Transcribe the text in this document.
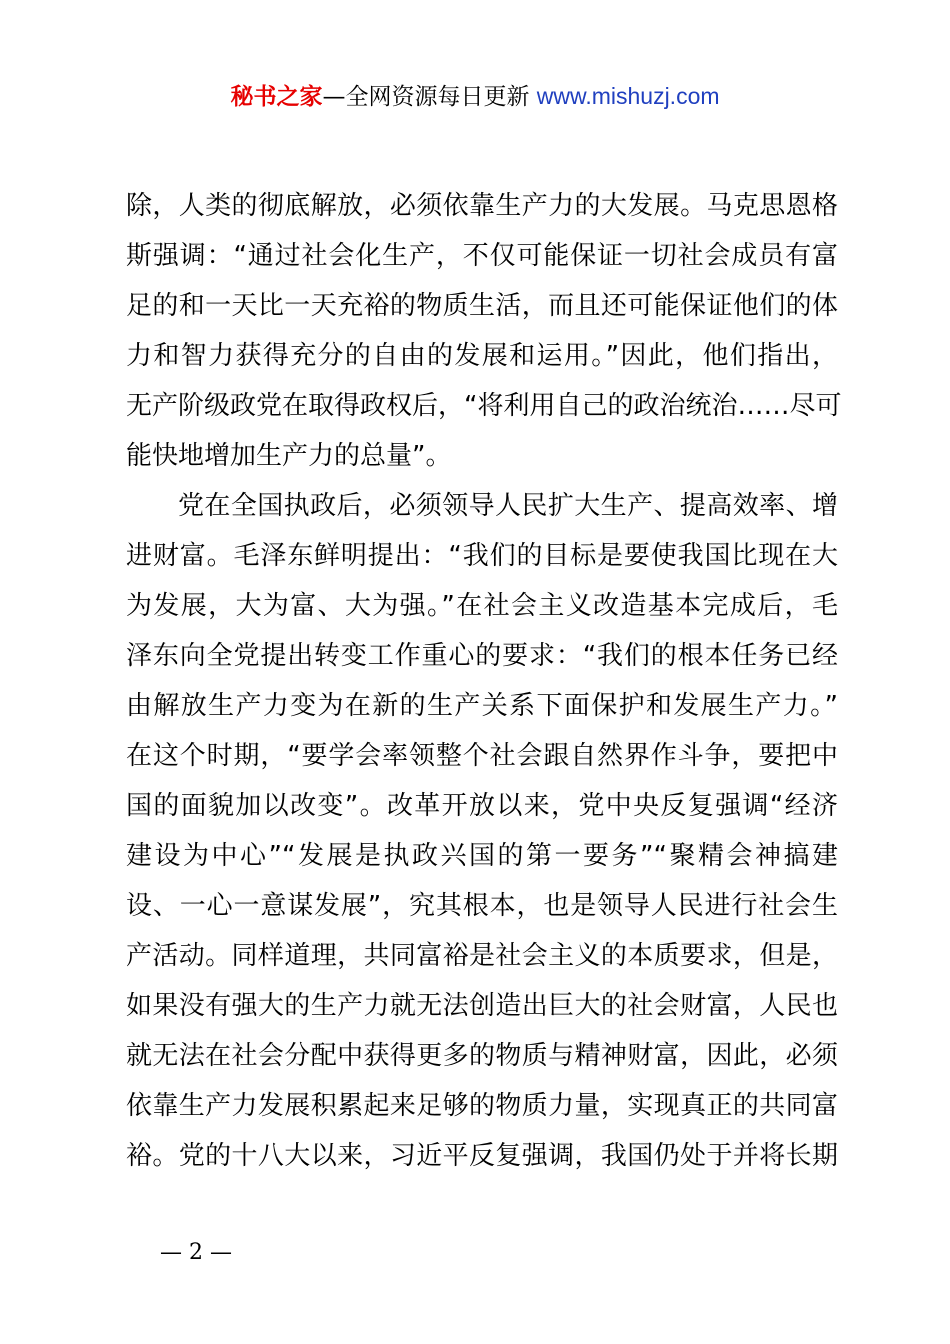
秘书之家—全网资源每日更新 www.mishuzj.com
除，人类的彻底解放，必须依靠生产力的大发展。马克思恩格
斯强调：“通过社会化生产，不仅可能保证一切社会成员有富
足的和一天比一天充裕的物质生活，而且还可能保证他们的体
力和智力获得充分的自由的发展和运用。”因此，他们指出，
无产阶级政党在取得政权后，“将利用自己的政治统治……尽可
能快地增加生产力的总量”。
党在全国执政后，必须领导人民扩大生产、提高效率、增
进财富。毛泽东鲜明提出：“我们的目标是要使我国比现在大
为发展，大为富、大为强。”在社会主义改造基本完成后，毛
泽东向全党提出转变工作重心的要求：“我们的根本任务已经
由解放生产力变为在新的生产关系下面保护和发展生产力。”
在这个时期，“要学会率领整个社会跟自然界作斗争，要把中
国的面貌加以改变”。改革开放以来，党中央反复强调“经济
建设为中心”“发展是执政兴国的第一要务”“聚精会神搞建
设、一心一意谋发展”，究其根本，也是领导人民进行社会生
产活动。同样道理，共同富裕是社会主义的本质要求，但是，
如果没有强大的生产力就无法创造出巨大的社会财富，人民也
就无法在社会分配中获得更多的物质与精神财富，因此，必须
依靠生产力发展积累起来足够的物质力量，实现真正的共同富
裕。党的十八大以来，习近平反复强调，我国仍处于并将长期
— 2 —
